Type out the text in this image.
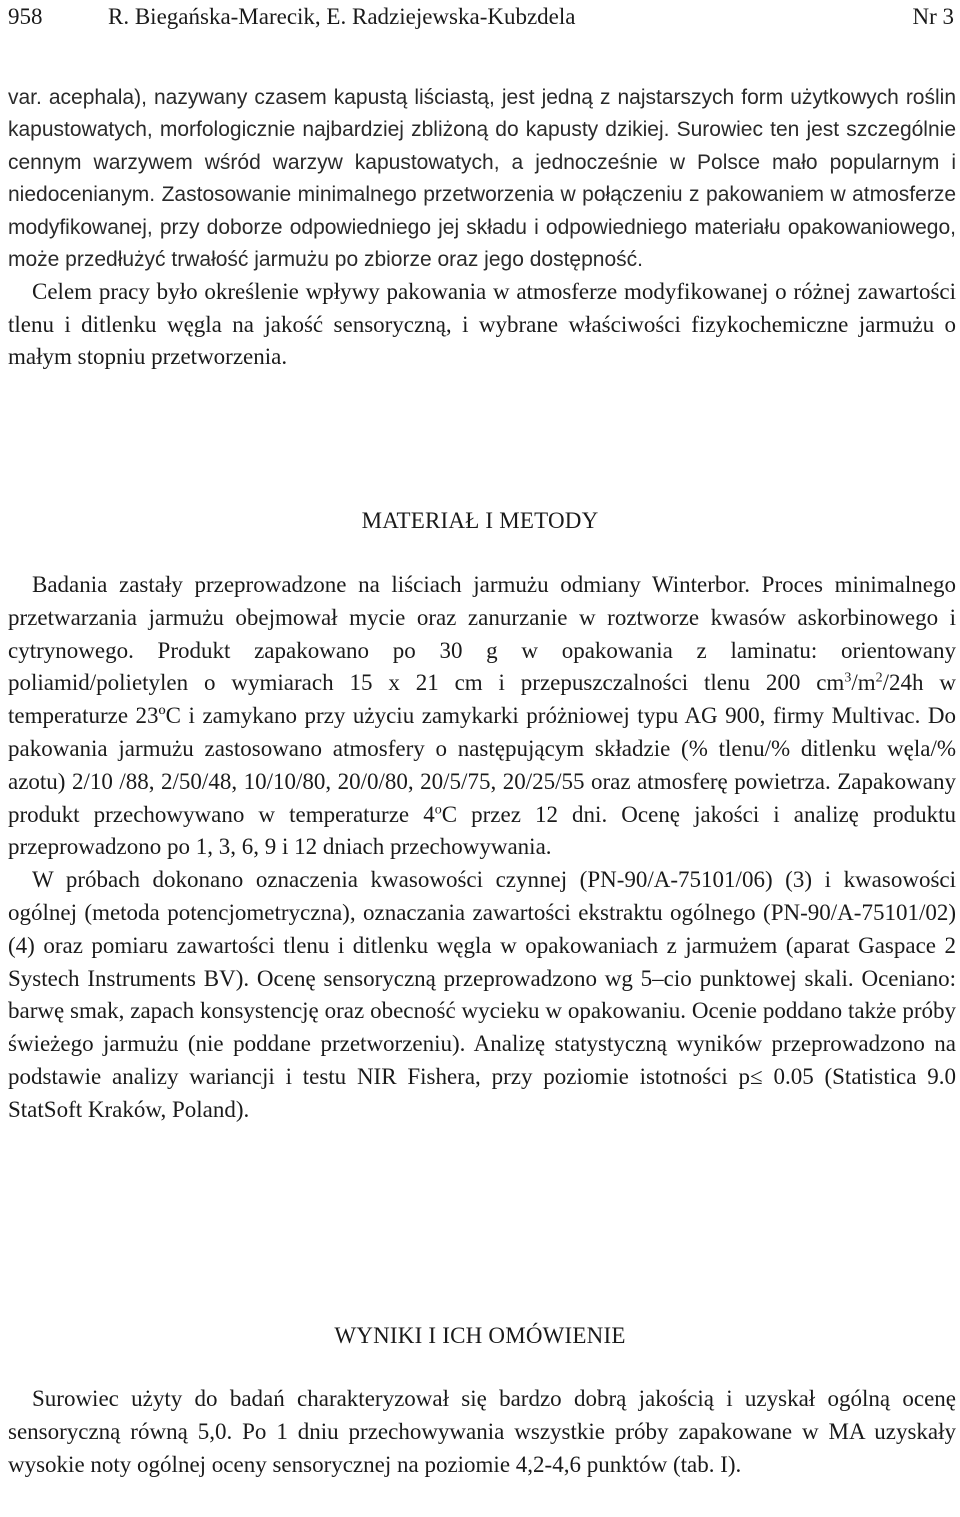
958	R. Biegańska-Marecik, E. Radziejewska-Kubzdela	Nr 3

var. acephala), nazywany czasem kapustą liściastą, jest jedną z najstarszych form użytkowych roślin kapustowatych, morfologicznie najbardziej zbliżoną do kapusty dzikiej. Surowiec ten jest szczególnie cennym warzywem wśród warzyw kapustowatych, a jednocześnie w Polsce mało popularnym i niedocenianym. Zastosowanie minimalnego przetworzenia w połączeniu z pakowaniem w atmosferze modyfikowanej, przy doborze odpowiedniego jej składu i odpowiedniego materiału opakowaniowego, może przedłużyć trwałość jarmużu po zbiorze oraz jego dostępność.

Celem pracy było określenie wpływy pakowania w atmosferze modyfikowanej o różnej zawartości tlenu i ditlenku węgla na jakość sensoryczną, i wybrane właściwości fizykochemiczne jarmużu o małym stopniu przetworzenia.

MATERIAŁ I METODY

Badania zastały przeprowadzone na liściach jarmużu odmiany Winterbor. Proces minimalnego przetwarzania jarmużu obejmował mycie oraz zanurzanie w roztworze kwasów askorbinowego i cytrynowego. Produkt zapakowano po 30 g w opakowania z laminatu: orientowany poliamid/polietylen o wymiarach 15 x 21 cm i przepuszczalności tlenu 200 $cm^3/m^2/24h$ w temperaturze 23ºC i zamykano przy użyciu zamykarki próżniowej typu AG 900, firmy Multivac. Do pakowania jarmużu zastosowano atmosfery o następującym składzie (% tlenu/% ditlenku węla/% azotu) 2/10 /88, 2/50/48, 10/10/80, 20/0/80, 20/5/75, 20/25/55 oraz atmosferę powietrza. Zapakowany produkt przechowywano w temperaturze 4$^o$C przez 12 dni. Ocenę jakości i analizę produktu przeprowadzono po 1, 3, 6, 9 i 12 dniach przechowywania.

W próbach dokonano oznaczenia kwasowości czynnej (PN-90/A-75101/06) (3) i kwasowości ogólnej (metoda potencjometryczna), oznaczania zawartości ekstraktu ogólnego (PN-90/A-75101/02) (4) oraz pomiaru zawartości tlenu i ditlenku węgla w opakowaniach z jarmużem (aparat Gaspace 2 Systech Instruments BV). Ocenę sensoryczną przeprowadzono wg 5–cio punktowej skali. Oceniano: barwę smak, zapach konsystencję oraz obecność wycieku w opakowaniu. Ocenie poddano także próby świeżego jarmużu (nie poddane przetworzeniu). Analizę statystyczną wyników przeprowadzono na podstawie analizy wariancji i testu NIR Fishera, przy poziomie istotności p≤ 0.05 (Statistica 9.0 StatSoft Kraków, Poland).

WYNIKI I ICH OMÓWIENIE

Surowiec użyty do badań charakteryzował się bardzo dobrą jakością i uzyskał ogólną ocenę sensoryczną równą 5,0. Po 1 dniu przechowywania wszystkie próby zapakowane w MA uzyskały wysokie noty ogólnej oceny sensorycznej na poziomie 4,2-4,6 punktów (tab. I).
